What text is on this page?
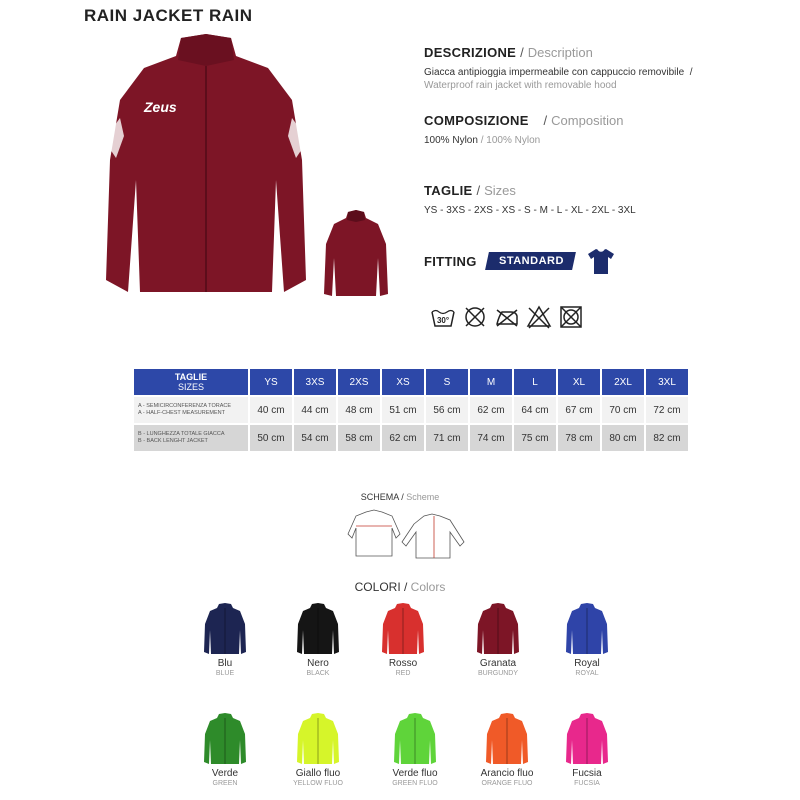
RAIN JACKET RAIN
Zeus
DESCRIZIONE / Description

Giacca antipioggia impermeabile con cappuccio removibile  /
Waterproof rain jacket with removable hood

COMPOSIZIONE   / Composition

100% Nylon / 100% Nylon

TAGLIE / Sizes

YS - 3XS - 2XS - XS - S - M - L - XL - 2XL - 3XL

FITTING	STANDARD
30°
TAGLIE
SIZES	YS	3XS	2XS	XS	S	M	L	XL	2XL	3XL

A - SEMICIRCONFERENZA TORACE
A - HALF-CHEST MEASUREMENT	40 cm	44 cm	48 cm	51 cm	56 cm	62 cm	64 cm	67 cm	70 cm	72 cm

B - LUNGHEZZA TOTALE GIACCA
B - BACK LENGHT JACKET	50 cm	54 cm	58 cm	62 cm	71 cm	74 cm	75 cm	78 cm	80 cm	82 cm
SCHEMA / Scheme
COLORI / Colors
Blu
BLUE
Nero
BLACK
Rosso
RED
Granata
BURGUNDY
Royal
ROYAL
Verde
GREEN
Giallo fluo
YELLOW FLUO
Verde fluo
GREEN FLUO
Arancio fluo
ORANGE FLUO
Fucsia
FUCSIA
